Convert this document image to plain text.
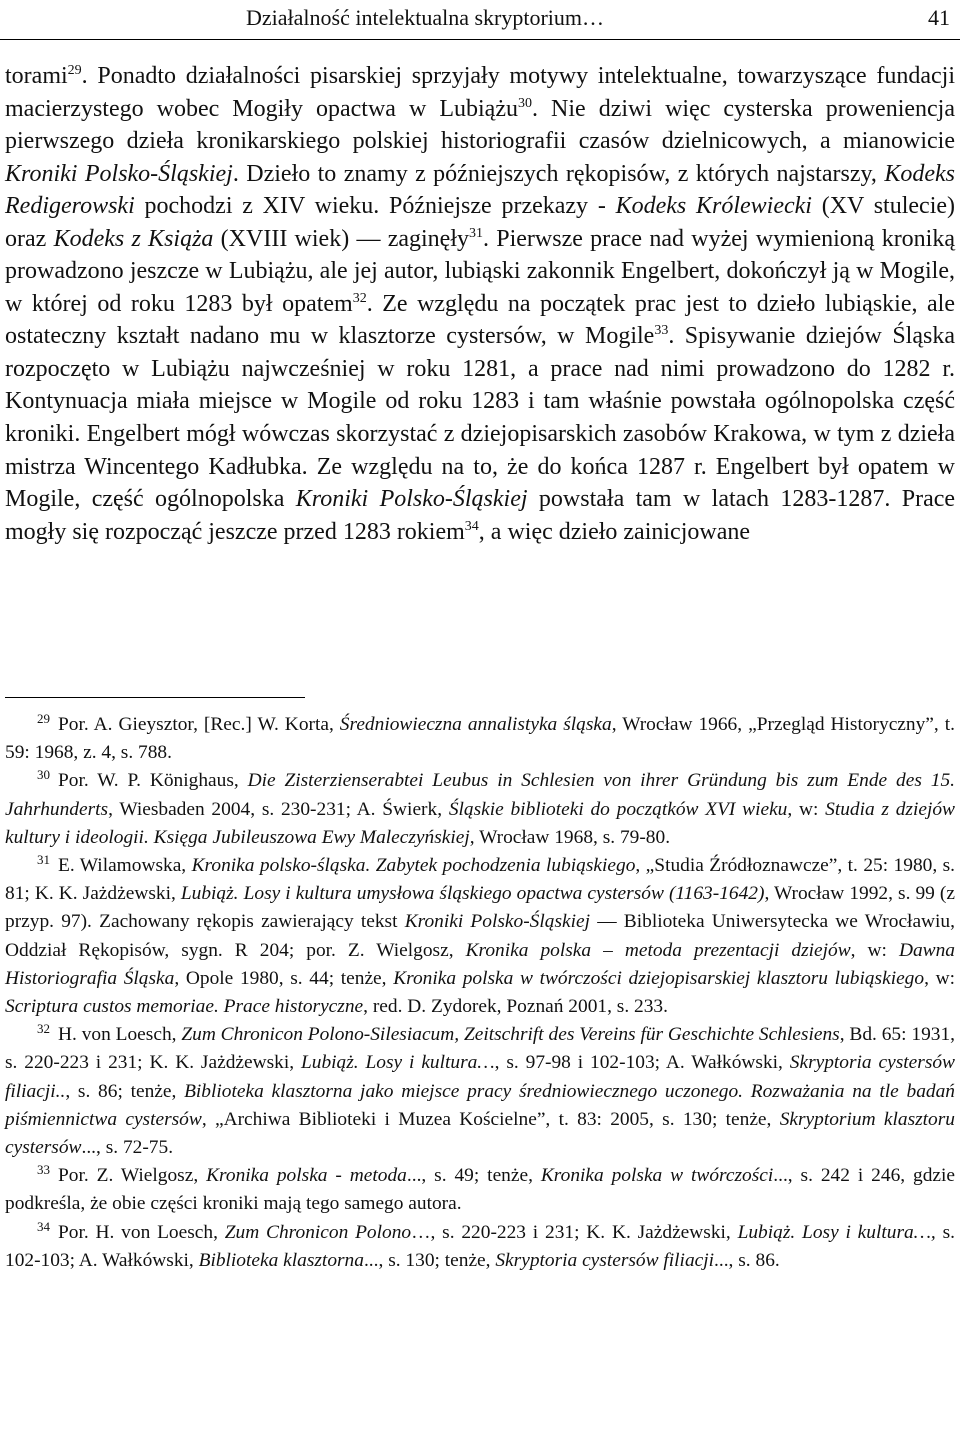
Działalność intelektualna skryptorium…	41

torami$^{29}$. Ponadto działalności pisarskiej sprzyjały motywy intelektualne, towarzyszące fundacji macierzystego wobec Mogiły opactwa w Lubiążu$^{30}$. Nie dziwi więc cysterska proweniencja pierwszego dzieła kronikarskiego polskiej historiografii czasów dzielnicowych, a mianowicie Kroniki Polsko-Śląskiej. Dzieło to znamy z późniejszych rękopisów, z których najstarszy, Kodeks Redigerowski pochodzi z XIV wieku. Późniejsze przekazy - Kodeks Królewiecki (XV stulecie) oraz Kodeks z Książa (XVIII wiek) — zaginęły$^{31}$. Pierwsze prace nad wyżej wymienioną kroniką prowadzono jeszcze w Lubiążu, ale jej autor, lubiąski zakonnik Engelbert, dokończył ją w Mogile, w której od roku 1283 był opatem$^{32}$. Ze względu na początek prac jest to dzieło lubiąskie, ale ostateczny kształt nadano mu w klasztorze cystersów, w Mogile$^{33}$. Spisywanie dziejów Śląska rozpoczęto w Lubiążu najwcześniej w roku 1281, a prace nad nimi prowadzono do 1282 r. Kontynuacja miała miejsce w Mogile od roku 1283 i tam właśnie powstała ogólnopolska część kroniki. Engelbert mógł wówczas skorzystać z dziejopisarskich zasobów Krakowa, w tym z dzieła mistrza Wincentego Kadłubka. Ze względu na to, że do końca 1287 r. Engelbert był opatem w Mogile, część ogólnopolska Kroniki Polsko-Śląskiej powstała tam w latach 1283-1287. Prace mogły się rozpocząć jeszcze przed 1283 rokiem$^{34}$, a więc dzieło zainicjowane

29 Por. A. Gieysztor, [Rec.] W. Korta, Średniowieczna annalistyka śląska, Wrocław 1966, „Przegląd Historyczny”, t. 59: 1968, z. 4, s. 788.

30 Por. W. P. Könighaus, Die Zisterzienserabtei Leubus in Schlesien von ihrer Gründung bis zum Ende des 15. Jahrhunderts, Wiesbaden 2004, s. 230-231; A. Świerk, Śląskie biblioteki do początków XVI wieku, w: Studia z dziejów kultury i ideologii. Księga Jubileuszowa Ewy Maleczyńskiej, Wrocław 1968, s. 79-80.

31 E. Wilamowska, Kronika polsko-śląska. Zabytek pochodzenia lubiąskiego, „Studia Źródłoznawcze”, t. 25: 1980, s. 81; K. K. Jażdżewski, Lubiąż. Losy i kultura umysłowa śląskiego opactwa cystersów (1163-1642), Wrocław 1992, s. 99 (z przyp. 97). Zachowany rękopis zawierający tekst Kroniki Polsko-Śląskiej — Biblioteka Uniwersytecka we Wrocławiu, Oddział Rękopisów, sygn. R 204; por. Z. Wielgosz, Kronika polska – metoda prezentacji dziejów, w: Dawna Historiografia Śląska, Opole 1980, s. 44; tenże, Kronika polska w twórczości dziejopisarskiej klasztoru lubiąskiego, w: Scriptura custos memoriae. Prace historyczne, red. D. Zydorek, Poznań 2001, s. 233.

32 H. von Loesch, Zum Chronicon Polono-Silesiacum, Zeitschrift des Vereins für Geschichte Schlesiens, Bd. 65: 1931, s. 220-223 i 231; K. K. Jażdżewski, Lubiąż. Losy i kultura…, s. 97-98 i 102-103; A. Wałkówski, Skryptoria cystersów filiacji.., s. 86; tenże, Biblioteka klasztorna jako miejsce pracy średniowiecznego uczonego. Rozważania na tle badań piśmiennictwa cystersów, „Archiwa Biblioteki i Muzea Kościelne”, t. 83: 2005, s. 130; tenże, Skryptorium klasztoru cystersów..., s. 72-75.

33 Por. Z. Wielgosz, Kronika polska - metoda..., s. 49; tenże, Kronika polska w twórczości..., s. 242 i 246, gdzie podkreśla, że obie części kroniki mają tego samego autora.

34 Por. H. von Loesch, Zum Chronicon Polono…, s. 220-223 i 231; K. K. Jażdżewski, Lubiąż. Losy i kultura…, s. 102-103; A. Wałkówski, Biblioteka klasztorna..., s. 130; tenże, Skryptoria cystersów filiacji..., s. 86.
